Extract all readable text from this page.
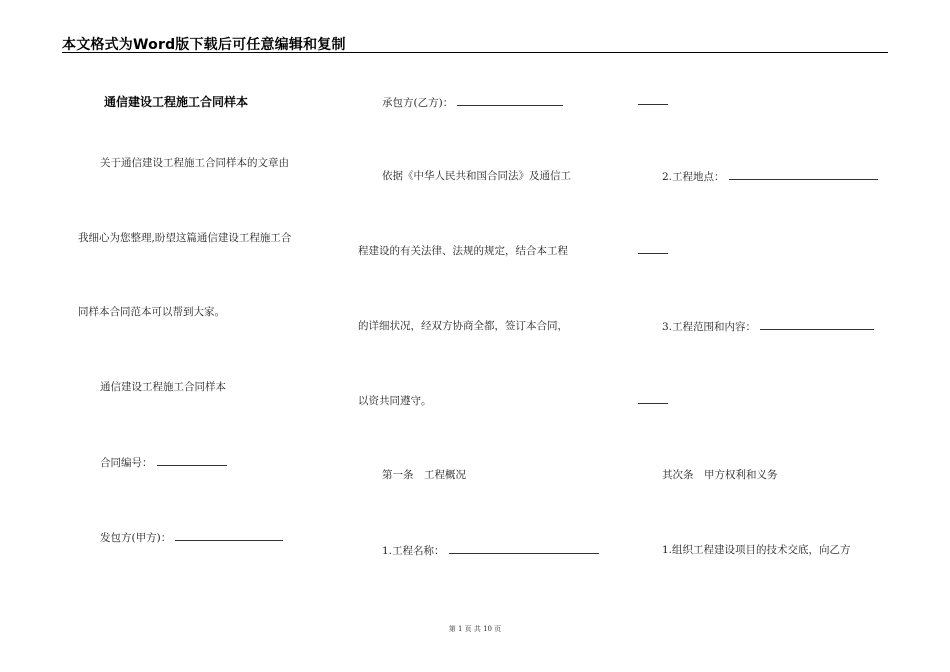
本文格式为Word版下载后可任意编辑和复制
通信建设工程施工合同样本
关于通信建设工程施工合同样本的文章由
我细心为您整理,盼望这篇通信建设工程施工合
同样本合同范本可以帮到大家。
通信建设工程施工合同样本
合同编号：
发包方(甲方)：
承包方(乙方)：
依据《中华人民共和国合同法》及通信工
程建设的有关法律、法规的规定，结合本工程
的详细状况，经双方协商全都，签订本合同，
以资共同遵守。
第一条　工程概况
1.工程名称：
2.工程地点：
3.工程范围和内容：
其次条　甲方权利和义务
1.组织工程建设项目的技术交底，向乙方
第 1 页 共 10 页
